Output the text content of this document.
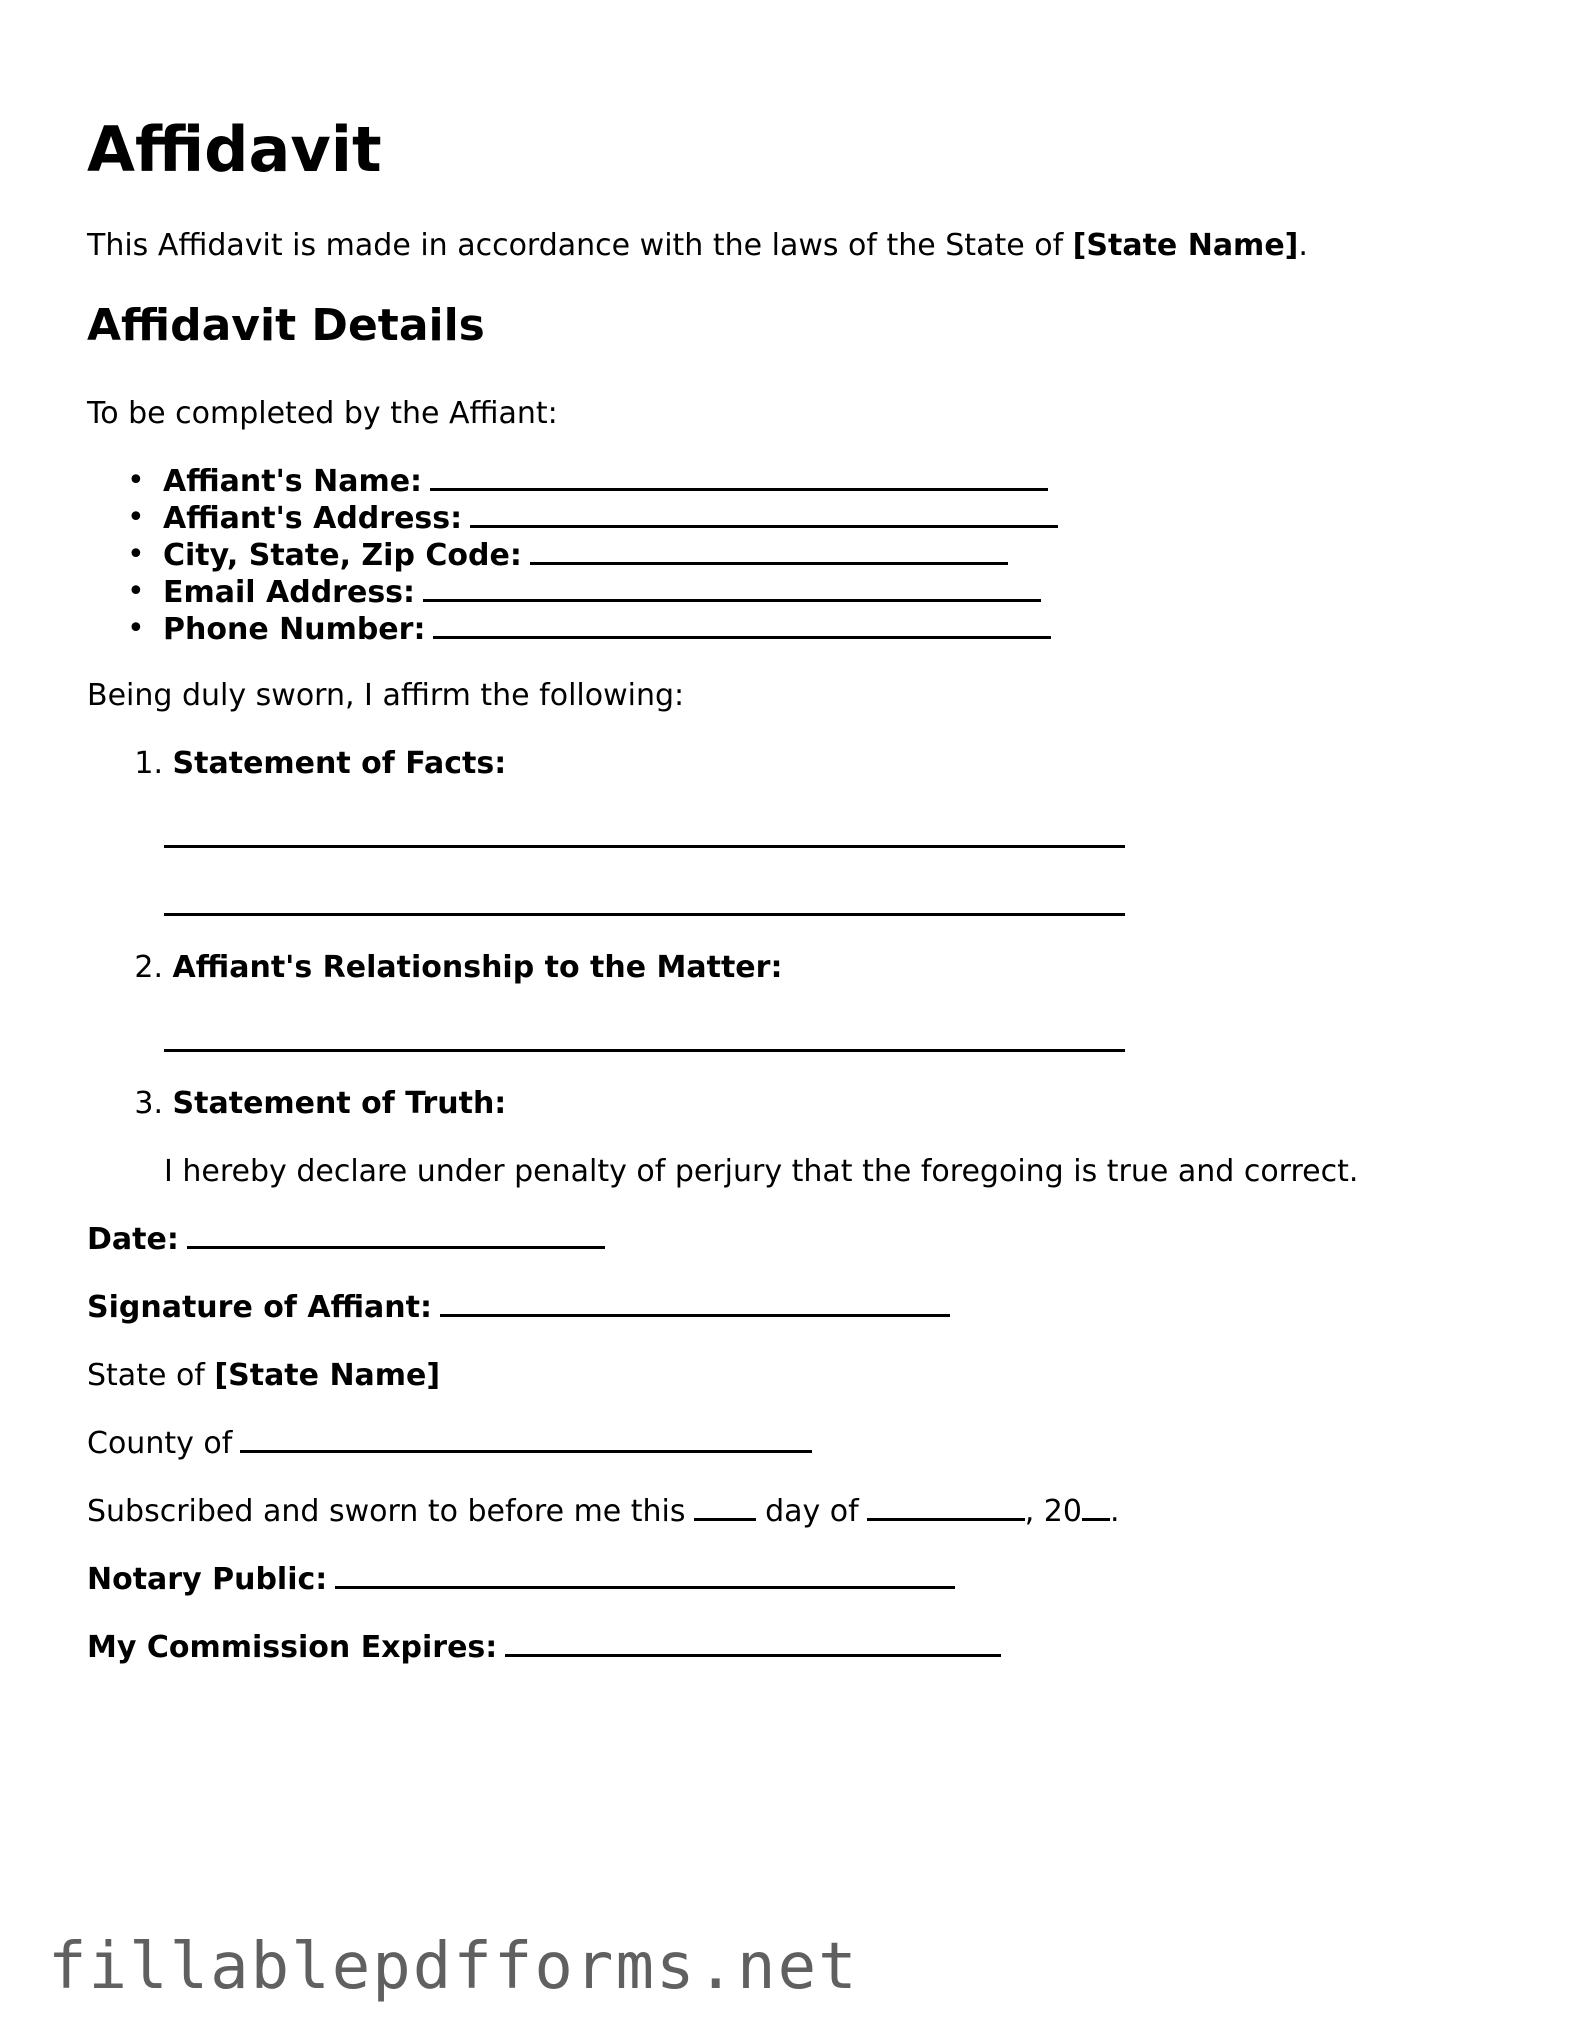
Affidavit
This Affidavit is made in accordance with the laws of the State of [State Name].
Affidavit Details
To be completed by the Affiant:
• Affiant's Name:
• Affiant's Address:
• City, State, Zip Code:
• Email Address:
• Phone Number:
Being duly sworn, I affirm the following:
1. Statement of Facts:
2. Affiant's Relationship to the Matter:
3. Statement of Truth:
I hereby declare under penalty of perjury that the foregoing is true and correct.
Date:
Signature of Affiant:
State of [State Name]
County of
Subscribed and sworn to before me this	day of	, 20 .
Notary Public:
My Commission Expires:
fillablepdfforms.net
